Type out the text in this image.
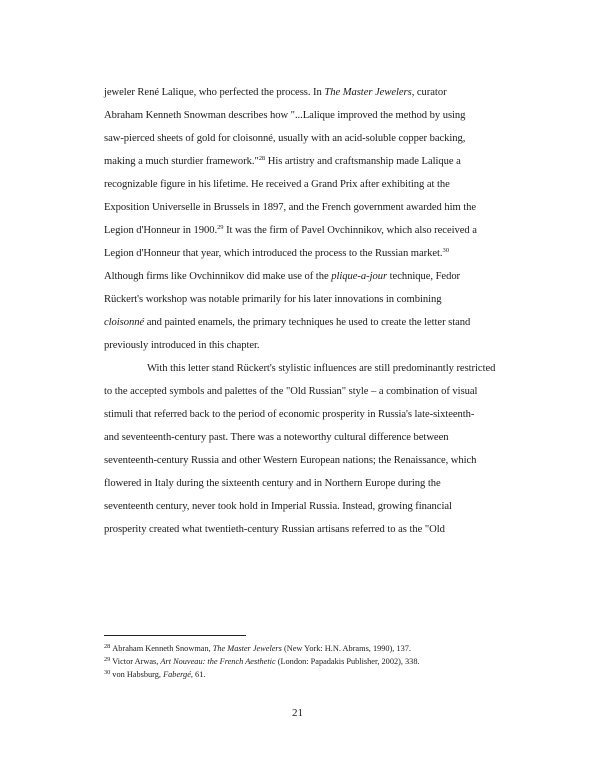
jeweler René Lalique, who perfected the process. In The Master Jewelers, curator
Abraham Kenneth Snowman describes how "...Lalique improved the method by using
saw-pierced sheets of gold for cloisonné, usually with an acid-soluble copper backing,
making a much sturdier framework."$^{28}$ His artistry and craftsmanship made Lalique a
recognizable figure in his lifetime. He received a Grand Prix after exhibiting at the
Exposition Universelle in Brussels in 1897, and the French government awarded him the
Legion d'Honneur in 1900.29 It was the firm of Pavel Ovchinnikov, which also received a
Legion d'Honneur that year, which introduced the process to the Russian market.$^{30}$
Although firms like Ovchinnikov did make use of the plique-a-jour technique, Fedor
Rückert's workshop was notable primarily for his later innovations in combining
cloisonné and painted enamels, the primary techniques he used to create the letter stand
previously introduced in this chapter.
With this letter stand Rückert's stylistic influences are still predominantly restricted
to the accepted symbols and palettes of the "Old Russian" style – a combination of visual
stimuli that referred back to the period of economic prosperity in Russia's late-sixteenth-
and seventeenth-century past. There was a noteworthy cultural difference between
seventeenth-century Russia and other Western European nations; the Renaissance, which
flowered in Italy during the sixteenth century and in Northern Europe during the
seventeenth century, never took hold in Imperial Russia. Instead, growing financial
prosperity created what twentieth-century Russian artisans referred to as the "Old
$^{28}$ Abraham Kenneth Snowman, The Master Jewelers (New York: H.N. Abrams, 1990), 137.
$^{29}$ Victor Arwas, Art Nouveau: the French Aesthetic (London: Papadakis Publisher, 2002), 338.
$^{30}$ von Habsburg, Fabergé, 61.
21
